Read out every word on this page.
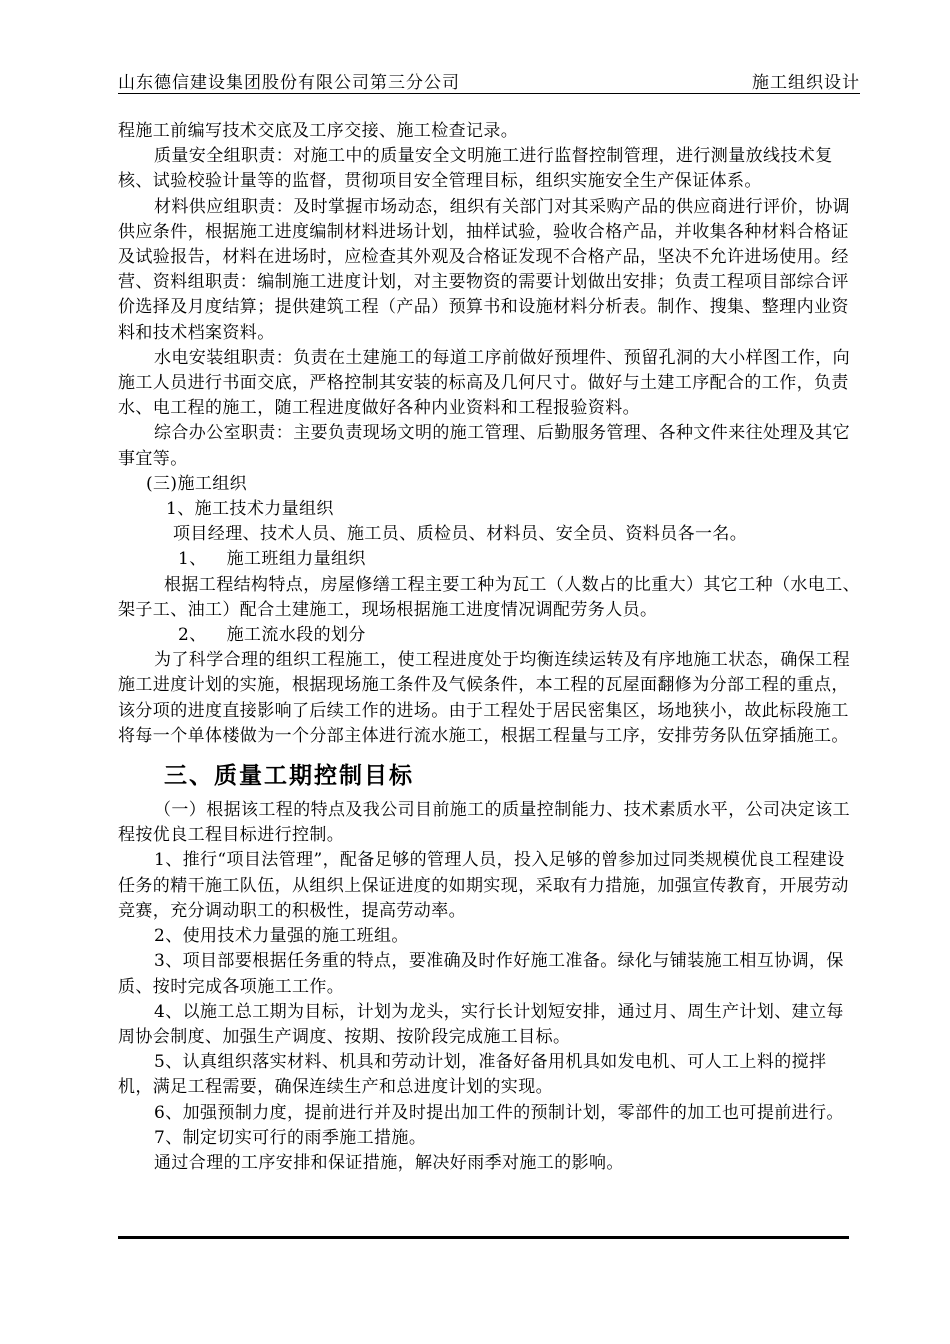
山东德信建设集团股份有限公司第三分公司	施工组织设计

程施工前编写技术交底及工序交接、施工检查记录。

质量安全组职责：对施工中的质量安全文明施工进行监督控制管理，进行测量放线技术复核、试验校验计量等的监督，贯彻项目安全管理目标，组织实施安全生产保证体系。

材料供应组职责：及时掌握市场动态，组织有关部门对其采购产品的供应商进行评价，协调供应条件，根据施工进度编制材料进场计划，抽样试验，验收合格产品，并收集各种材料合格证及试验报告，材料在进场时，应检查其外观及合格证发现不合格产品，坚决不允许进场使用。经营、资料组职责：编制施工进度计划，对主要物资的需要计划做出安排；负责工程项目部综合评价选择及月度结算；提供建筑工程（产品）预算书和设施材料分析表。制作、搜集、整理内业资料和技术档案资料。

水电安装组职责：负责在土建施工的每道工序前做好预埋件、预留孔洞的大小样图工作，向施工人员进行书面交底，严格控制其安装的标高及几何尺寸。做好与土建工序配合的工作，负责水、电工程的施工，随工程进度做好各种内业资料和工程报验资料。

综合办公室职责：主要负责现场文明的施工管理、后勤服务管理、各种文件来往处理及其它事宜等。

(三)施工组织

1、施工技术力量组织

项目经理、技术人员、施工员、质检员、材料员、安全员、资料员各一名。

1、 施工班组力量组织

根据工程结构特点，房屋修缮工程主要工种为瓦工（人数占的比重大）其它工种（水电工、架子工、油工）配合土建施工，现场根据施工进度情况调配劳务人员。

2、 施工流水段的划分

为了科学合理的组织工程施工，使工程进度处于均衡连续运转及有序地施工状态，确保工程施工进度计划的实施，根据现场施工条件及气候条件，本工程的瓦屋面翻修为分部工程的重点，该分项的进度直接影响了后续工作的进场。由于工程处于居民密集区，场地狭小，故此标段施工将每一个单体楼做为一个分部主体进行流水施工，根据工程量与工序，安排劳务队伍穿插施工。

三、质量工期控制目标

（一）根据该工程的特点及我公司目前施工的质量控制能力、技术素质水平，公司决定该工程按优良工程目标进行控制。

1、推行“项目法管理”，配备足够的管理人员，投入足够的曾参加过同类规模优良工程建设任务的精干施工队伍，从组织上保证进度的如期实现，采取有力措施，加强宣传教育，开展劳动竞赛，充分调动职工的积极性，提高劳动率。

2、使用技术力量强的施工班组。

3、项目部要根据任务重的特点，要准确及时作好施工准备。绿化与铺装施工相互协调，保质、按时完成各项施工工作。

4、以施工总工期为目标，计划为龙头，实行长计划短安排，通过月、周生产计划、建立每周协会制度、加强生产调度、按期、按阶段完成施工目标。

5、认真组织落实材料、机具和劳动计划，准备好备用机具如发电机、可人工上料的搅拌机，满足工程需要，确保连续生产和总进度计划的实现。

6、加强预制力度，提前进行并及时提出加工件的预制计划，零部件的加工也可提前进行。

7、制定切实可行的雨季施工措施。

通过合理的工序安排和保证措施，解决好雨季对施工的影响。
